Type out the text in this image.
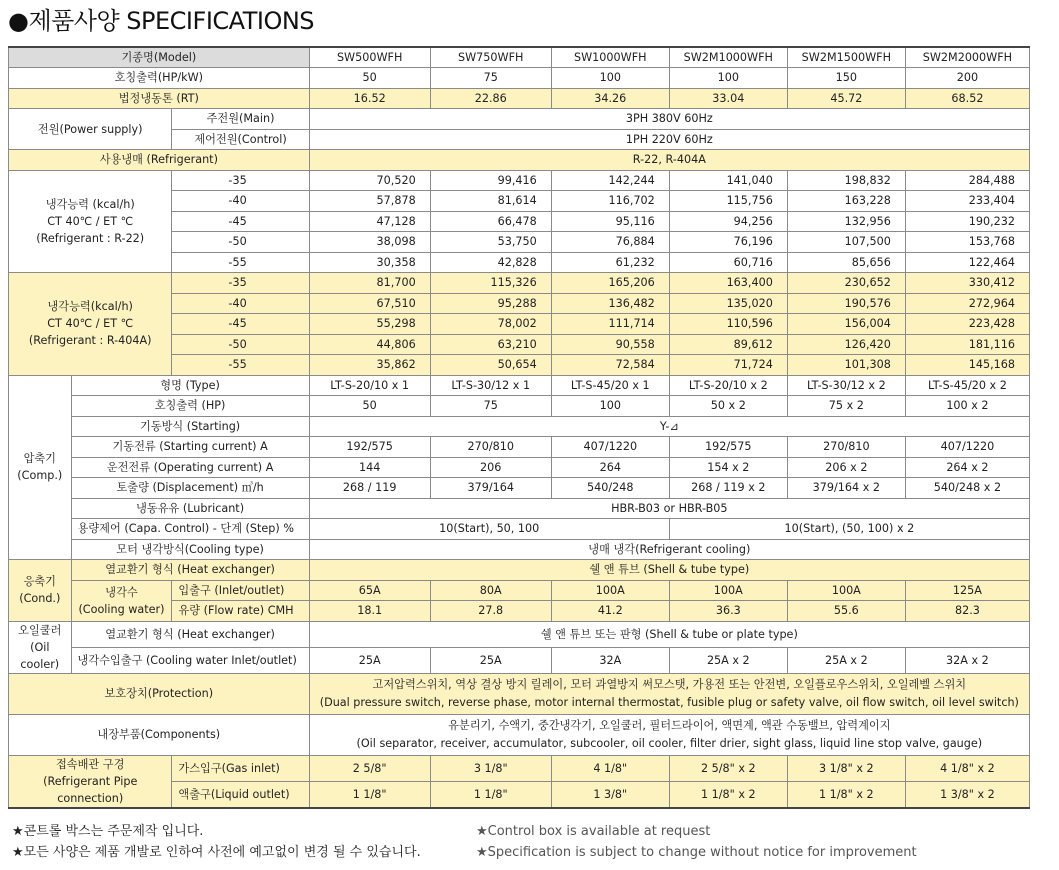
●제품사양 SPECIFICATIONS
기종명(Model)			SW500WFH	SW750WFH	SW1000WFH	SW2M1000WFH	SW2M1500WFH	SW2M2000WFH
호칭출력(HP/kW)			50	75	100	100	150	200
법정냉동톤 (RT)			16.52	22.86	34.26	33.04	45.72	68.52
전원(Power supply)		주전원(Main)	3PH 380V 60Hz					
		제어전원(Control)	1PH 220V 60Hz					
사용냉매 (Refrigerant)			R-22, R-404A					

냉각능력 (kcal/h)
CT 40℃ / ET ℃
(Refrigerant : R-22)		-35	70,520	99,416	142,244	141,040	198,832	284,488
		-40	57,878	81,614	116,702	115,756	163,228	233,404
		-45	47,128	66,478	95,116	94,256	132,956	190,232
		-50	38,098	53,750	76,884	76,196	107,500	153,768
		-55	30,358	42,828	61,232	60,716	85,656	122,464

냉각능력(kcal/h)
CT 40℃ / ET ℃
(Refrigerant : R-404A)		-35	81,700	115,326	165,206	163,400	230,652	330,412
		-40	67,510	95,288	136,482	135,020	190,576	272,964
		-45	55,298	78,002	111,714	110,596	156,004	223,428
		-50	44,806	63,210	90,558	89,612	126,420	181,116
		-55	35,862	50,654	72,584	71,724	101,308	145,168

압축기
(Comp.)	형명 (Type)		LT-S-20/10 x 1	LT-S-30/12 x 1	LT-S-45/20 x 1	LT-S-20/10 x 2	LT-S-30/12 x 2	LT-S-45/20 x 2
	호칭출력 (HP)		50	75	100	50 x 2	75 x 2	100 x 2
	기동방식 (Starting)		Y-⊿					
	기동전류 (Starting current) A		192/575	270/810	407/1220	192/575	270/810	407/1220
	운전전류 (Operating current) A		144	206	264	154 x 2	206 x 2	264 x 2
	토출량 (Displacement) ㎥/h		268 / 119	379/164	540/248	268 / 119 x 2	379/164 x 2	540/248 x 2
	냉동유유 (Lubricant)		HBR-B03 or HBR-B05					
	용량제어 (Capa. Control) - 단계 (Step) %		10(Start), 50, 100			10(Start), (50, 100) x 2		
	모터 냉각방식(Cooling type)		냉매 냉각(Refrigerant cooling)					

응축기
(Cond.)	열교환기 형식 (Heat exchanger)		쉘 앤 튜브 (Shell & tube type)					

	냉각수
(Cooling water)	입출구 (Inlet/outlet)	65A	80A	100A	100A	100A	125A
		유량 (Flow rate) CMH	18.1	27.8	41.2	36.3	55.6	82.3

오일쿨러
(Oil cooler)	열교환기 형식 (Heat exchanger)		쉘 앤 튜브 또는 판형 (Shell & tube or plate type)					
	냉각수입출구 (Cooling water Inlet/outlet)		25A	25A	32A	25A x 2	25A x 2	32A x 2
보호장치(Protection)			고저압력스위치, 역상 결상 방지 릴레이, 모터 과열방지 써모스탯, 가용전 또는 안전변, 오일플로우스위치, 오일레벨 스위치
(Dual pressure switch, reverse phase, motor internal thermostat, fusible plug or safety valve, oil flow switch, oil level switch)					

내장부품(Components)			유분리기, 수액기, 중간냉각기, 오일쿨러, 필터드라이어, 액면계, 액관 수동밸브, 압력계이지
(Oil separator, receiver, accumulator, subcooler, oil cooler, filter drier, sight glass, liquid line stop valve, gauge)					

접속배관 구경
(Refrigerant Pipe connection)		가스입구(Gas inlet)	2 5/8"	3 1/8"	4 1/8"	2 5/8" x 2	3 1/8" x 2	4 1/8" x 2
		액출구(Liquid outlet)	1 1/8"	1 1/8"	1 3/8"	1 1/8" x 2	1 1/8" x 2	1 3/8" x 2
★콘트롤 박스는 주문제작 입니다.
★모든 사양은 제품 개발로 인하여 사전에 예고없이 변경 될 수 있습니다.
★Control box is available at request
★Specification is subject to change without notice for improvement
